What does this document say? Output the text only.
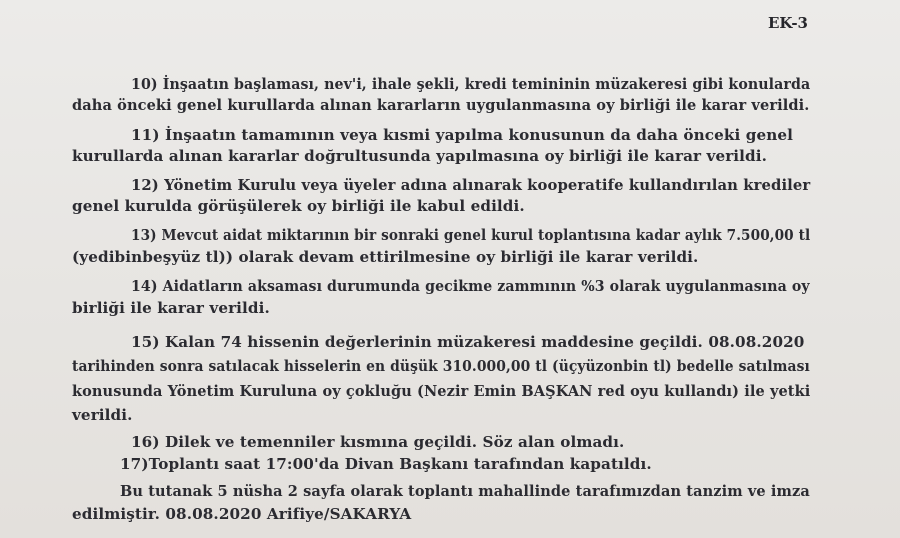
EK-3
10) İnşaatın başlaması, nev'i, ihale şekli, kredi temininin müzakeresi gibi konularda
daha önceki genel kurullarda alınan kararların uygulanmasına oy birliği ile karar verildi.
11) İnşaatın tamamının veya kısmi yapılma konusunun da daha önceki genel
kurullarda alınan kararlar doğrultusunda yapılmasına oy birliği ile karar verildi.
12) Yönetim Kurulu veya üyeler adına alınarak kooperatife kullandırılan krediler
genel kurulda görüşülerek oy birliği ile kabul edildi.
13) Mevcut aidat miktarının bir sonraki genel kurul toplantısına kadar aylık 7.500,00 tl
(yedibinbeşyüz tl)) olarak devam ettirilmesine oy birliği ile karar verildi.
14) Aidatların aksaması durumunda gecikme zammının %3 olarak uygulanmasına oy
birliği ile karar verildi.
15) Kalan 74 hissenin değerlerinin müzakeresi maddesine geçildi. 08.08.2020
tarihinden sonra satılacak hisselerin en düşük 310.000,00 tl (üçyüzonbin tl) bedelle satılması
konusunda Yönetim Kuruluna oy çokluğu (Nezir Emin BAŞKAN red oyu kullandı) ile yetki
verildi.
16) Dilek ve temenniler kısmına geçildi. Söz alan olmadı.
17)Toplantı saat 17:00'da Divan Başkanı tarafından kapatıldı.
Bu tutanak 5 nüsha 2 sayfa olarak toplantı mahallinde tarafımızdan tanzim ve imza
edilmiştir. 08.08.2020 Arifiye/SAKARYA
